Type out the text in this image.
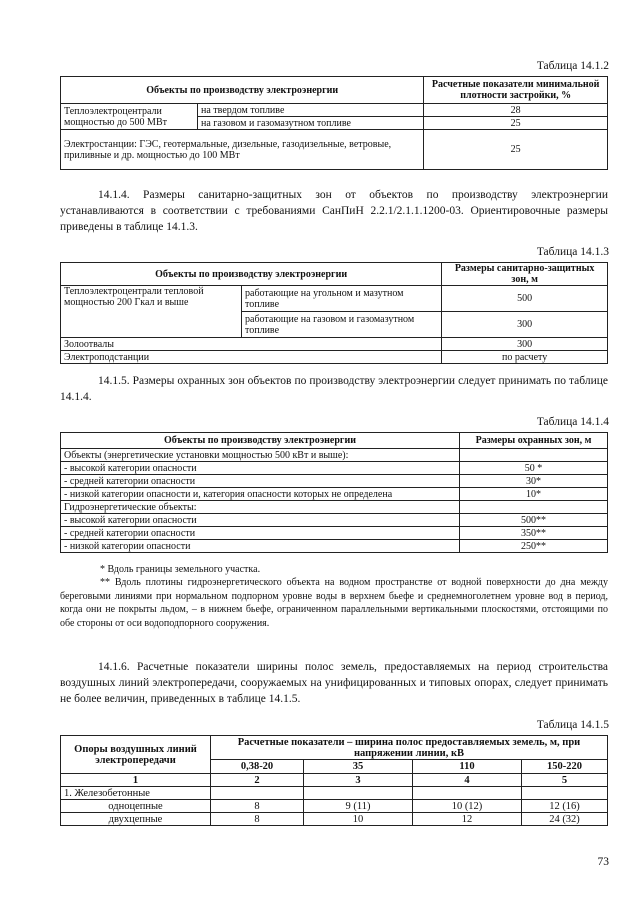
Таблица 14.1.2
Объекты по производству электроэнергии		Расчетные показатели минимальной плотности застройки, %
Теплоэлектроцентрали мощностью до 500 МВт	на твердом топливе	28
	на газовом и газомазутном топливе	25
Электростанции: ГЭС, геотермальные, дизельные, газодизельные, ветровые, приливные и др. мощностью до 100 МВт		25
14.1.4. Размеры санитарно-защитных зон от объектов по производству электроэнергии устанавливаются в соответствии с требованиями СанПиН 2.2.1/2.1.1.1200-03. Ориентировочные размеры приведены в таблице 14.1.3.
Таблица 14.1.3
Объекты по производству электроэнергии		Размеры санитарно-защитных зон, м
Теплоэлектроцентрали тепловой мощностью 200 Гкал и выше	работающие на угольном и мазутном топливе	500
	работающие на газовом и газомазутном топливе	300
Золоотвалы		300
Электроподстанции		по расчету
14.1.5. Размеры охранных зон объектов по производству электроэнергии следует принимать по таблице 14.1.4.
Таблица 14.1.4
Объекты по производству электроэнергии	Размеры охранных зон, м
Объекты (энергетические установки мощностью 500 кВт и выше):	
- высокой категории опасности	50 *
- средней категории опасности	30*
- низкой категории опасности и, категория опасности которых не определена	10*
Гидроэнергетические объекты:	
- высокой категории опасности	500**
- средней категории опасности	350**
- низкой категории опасности	250**
* Вдоль границы земельного участка.
** Вдоль плотины гидроэнергетического объекта на водном пространстве от водной поверхности до дна между береговыми линиями при нормальном подпорном уровне воды в верхнем бьефе и среднемноголетнем уровне вод в период, когда они не покрыты льдом, – в нижнем бьефе, ограниченном параллельными вертикальными плоскостями, отстоящими по обе стороны от оси водоподпорного сооружения.
14.1.6. Расчетные показатели ширины полос земель, предоставляемых на период строительства воздушных линий электропередачи, сооружаемых на унифицированных и типовых опорах, следует принимать не более величин, приведенных в таблице 14.1.5.
Таблица 14.1.5
Опоры воздушных линий электропередачи	Расчетные показатели – ширина полос предоставляемых земель, м, при напряжении линии, кВ			
	0,38-20	35	110	150-220
1	2	3	4	5
1. Железобетонные				
одноцепные	8	9 (11)	10 (12)	12 (16)
двухцепные	8	10	12	24 (32)
73
